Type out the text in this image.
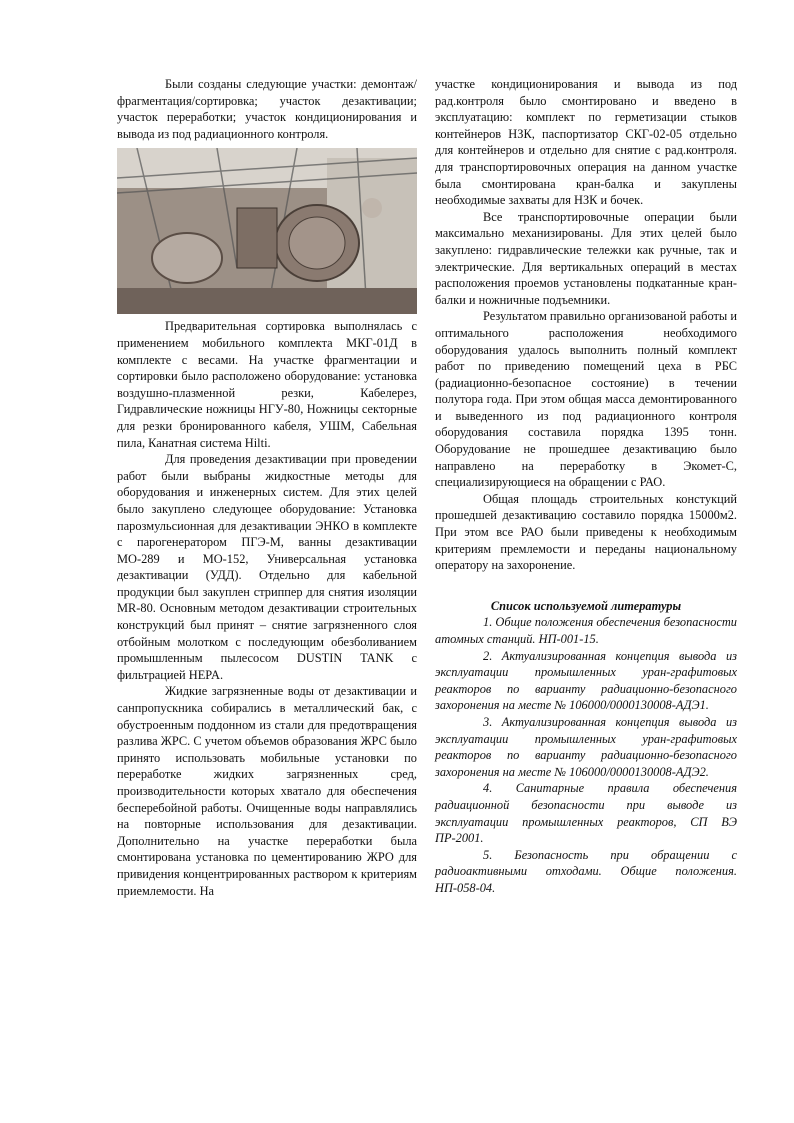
Были созданы следующие участки: демонтаж/фрагментация/сортировка; участок дезактивации; участок переработки; участок кондиционирования и вывода из под радиационного контроля.

Предварительная сортировка выполнялась с применением мобильного комплекта МКГ-01Д в комплекте с весами. На участке фрагментации и сортировки было расположено оборудование: установка воздушно-плазменной резки, Кабелерез, Гидравлические ножницы НГУ-80, Ножницы секторные для резки бронированного кабеля, УШМ, Сабельная пила, Канатная система Hilti.

Для проведения дезактивации при проведении работ были выбраны жидкостные методы для оборудования и инженерных систем. Для этих целей было закуплено следующее оборудование: Установка парозмульсионная для дезактивации ЭНКО в комплекте с парогенератором ПГЭ-М, ванны дезактивации МО-289 и МО-152, Универсальная установка дезактивации (УДД). Отдельно для кабельной продукции был закуплен стриппер для снятия изоляции MR-80. Основным методом дезактивации строительных конструкций был принят – снятие загрязненного слоя отбойным молотком с последующим обезболиванием промышленным пылесосом DUSTIN TANK с фильтрацией HEPA.

Жидкие загрязненные воды от дезактивации и санпропускника собирались в металлический бак, с обустроенным поддонном из стали для предотвращения разлива ЖРС. С учетом объемов образования ЖРС было принято использовать мобильные установки по переработке жидких загрязненных сред, производительности которых хватало для обеспечения бесперебойной работы. Очищенные воды направлялись на повторные использования для дезактивации. Дополнительно на участке переработки была смонтирована установка по цементированию ЖРО для привидения концентрированных раствором к критериям приемлемости. На

участке кондиционирования и вывода из под рад.контроля было смонтировано и введено в эксплуатацию: комплект по герметизации стыков контейнеров НЗК, паспортизатор СКГ-02-05 отдельно для контейнеров и отдельно для снятие с рад.контроля. для транспортировочных операция на данном участке была смонтирована кран-балка и закуплены необходимые захваты для НЗК и бочек.

Все транспортировочные операции были максимально механизированы. Для этих целей было закуплено: гидравлические тележки как ручные, так и электрические. Для вертикальных операций в местах расположения проемов установлены подкатанные кран-балки и ножничные подъемники.

Результатом правильно организованой работы и оптимального расположения необходимого оборудования удалось выполнить полный комплект работ по приведению помещений цеха в РБС (радиационно-безопасное состояние) в течении полутора года. При этом общая масса демонтированного и выведенного из под радиационного контроля оборудования составила порядка 1395 тонн. Оборудование не прошедшее дезактивацию было направлено на переработку в Экомет-С, специализирующиеся на обращении с РАО.

Общая площадь строительных констукций прошедшей дезактивацию составило порядка 15000м2. При этом все РАО были приведены к необходимым критериям премлемости и переданы национальному оператору на захоронение.

Список используемой литературы

1. Общие положения обеспечения безопасности атомных станций. НП-001-15.

2. Актуализированная концепция вывода из эксплуатации промышленных уран-графитовых реакторов по варианту радиационно-безопасного захоронения на месте № 106000/0000130008-АДЭ1.

3. Актуализированная концепция вывода из эксплуатации промышленных уран-графитовых реакторов по варианту радиационно-безопасного захоронения на месте № 106000/0000130008-АДЭ2.

4. Санитарные правила обеспечения радиационной безопасности при выводе из эксплуатации промышленных реакторов, СП ВЭ ПР-2001.

5. Безопасность при обращении с радиоактивными отходами. Общие положения. НП-058-04.
